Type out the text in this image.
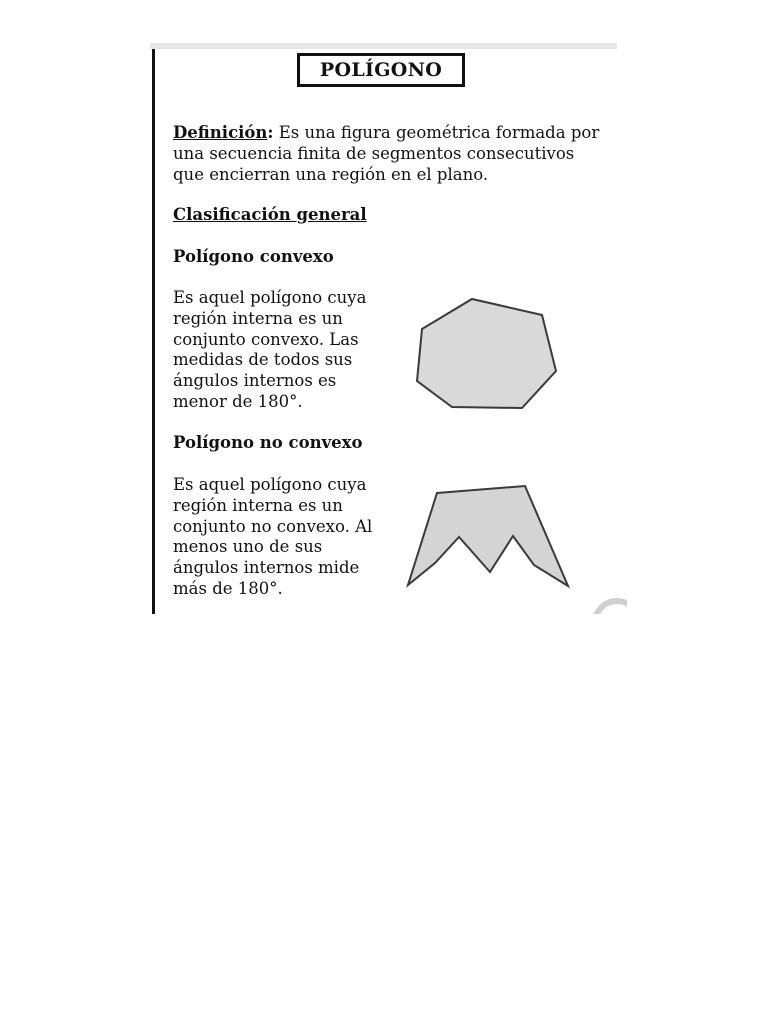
POLÍGONO

Definición: Es una figura geométrica formada por una secuencia finita de segmentos consecutivos que encierran una región en el plano.

Clasificación general

Polígono convexo

Es aquel polígono cuya región interna es un conjunto convexo. Las medidas de todos sus ángulos internos es menor de 180°.

Polígono no convexo

Es aquel polígono cuya región interna es un conjunto no convexo. Al menos uno de sus ángulos internos mide más de 180°.
